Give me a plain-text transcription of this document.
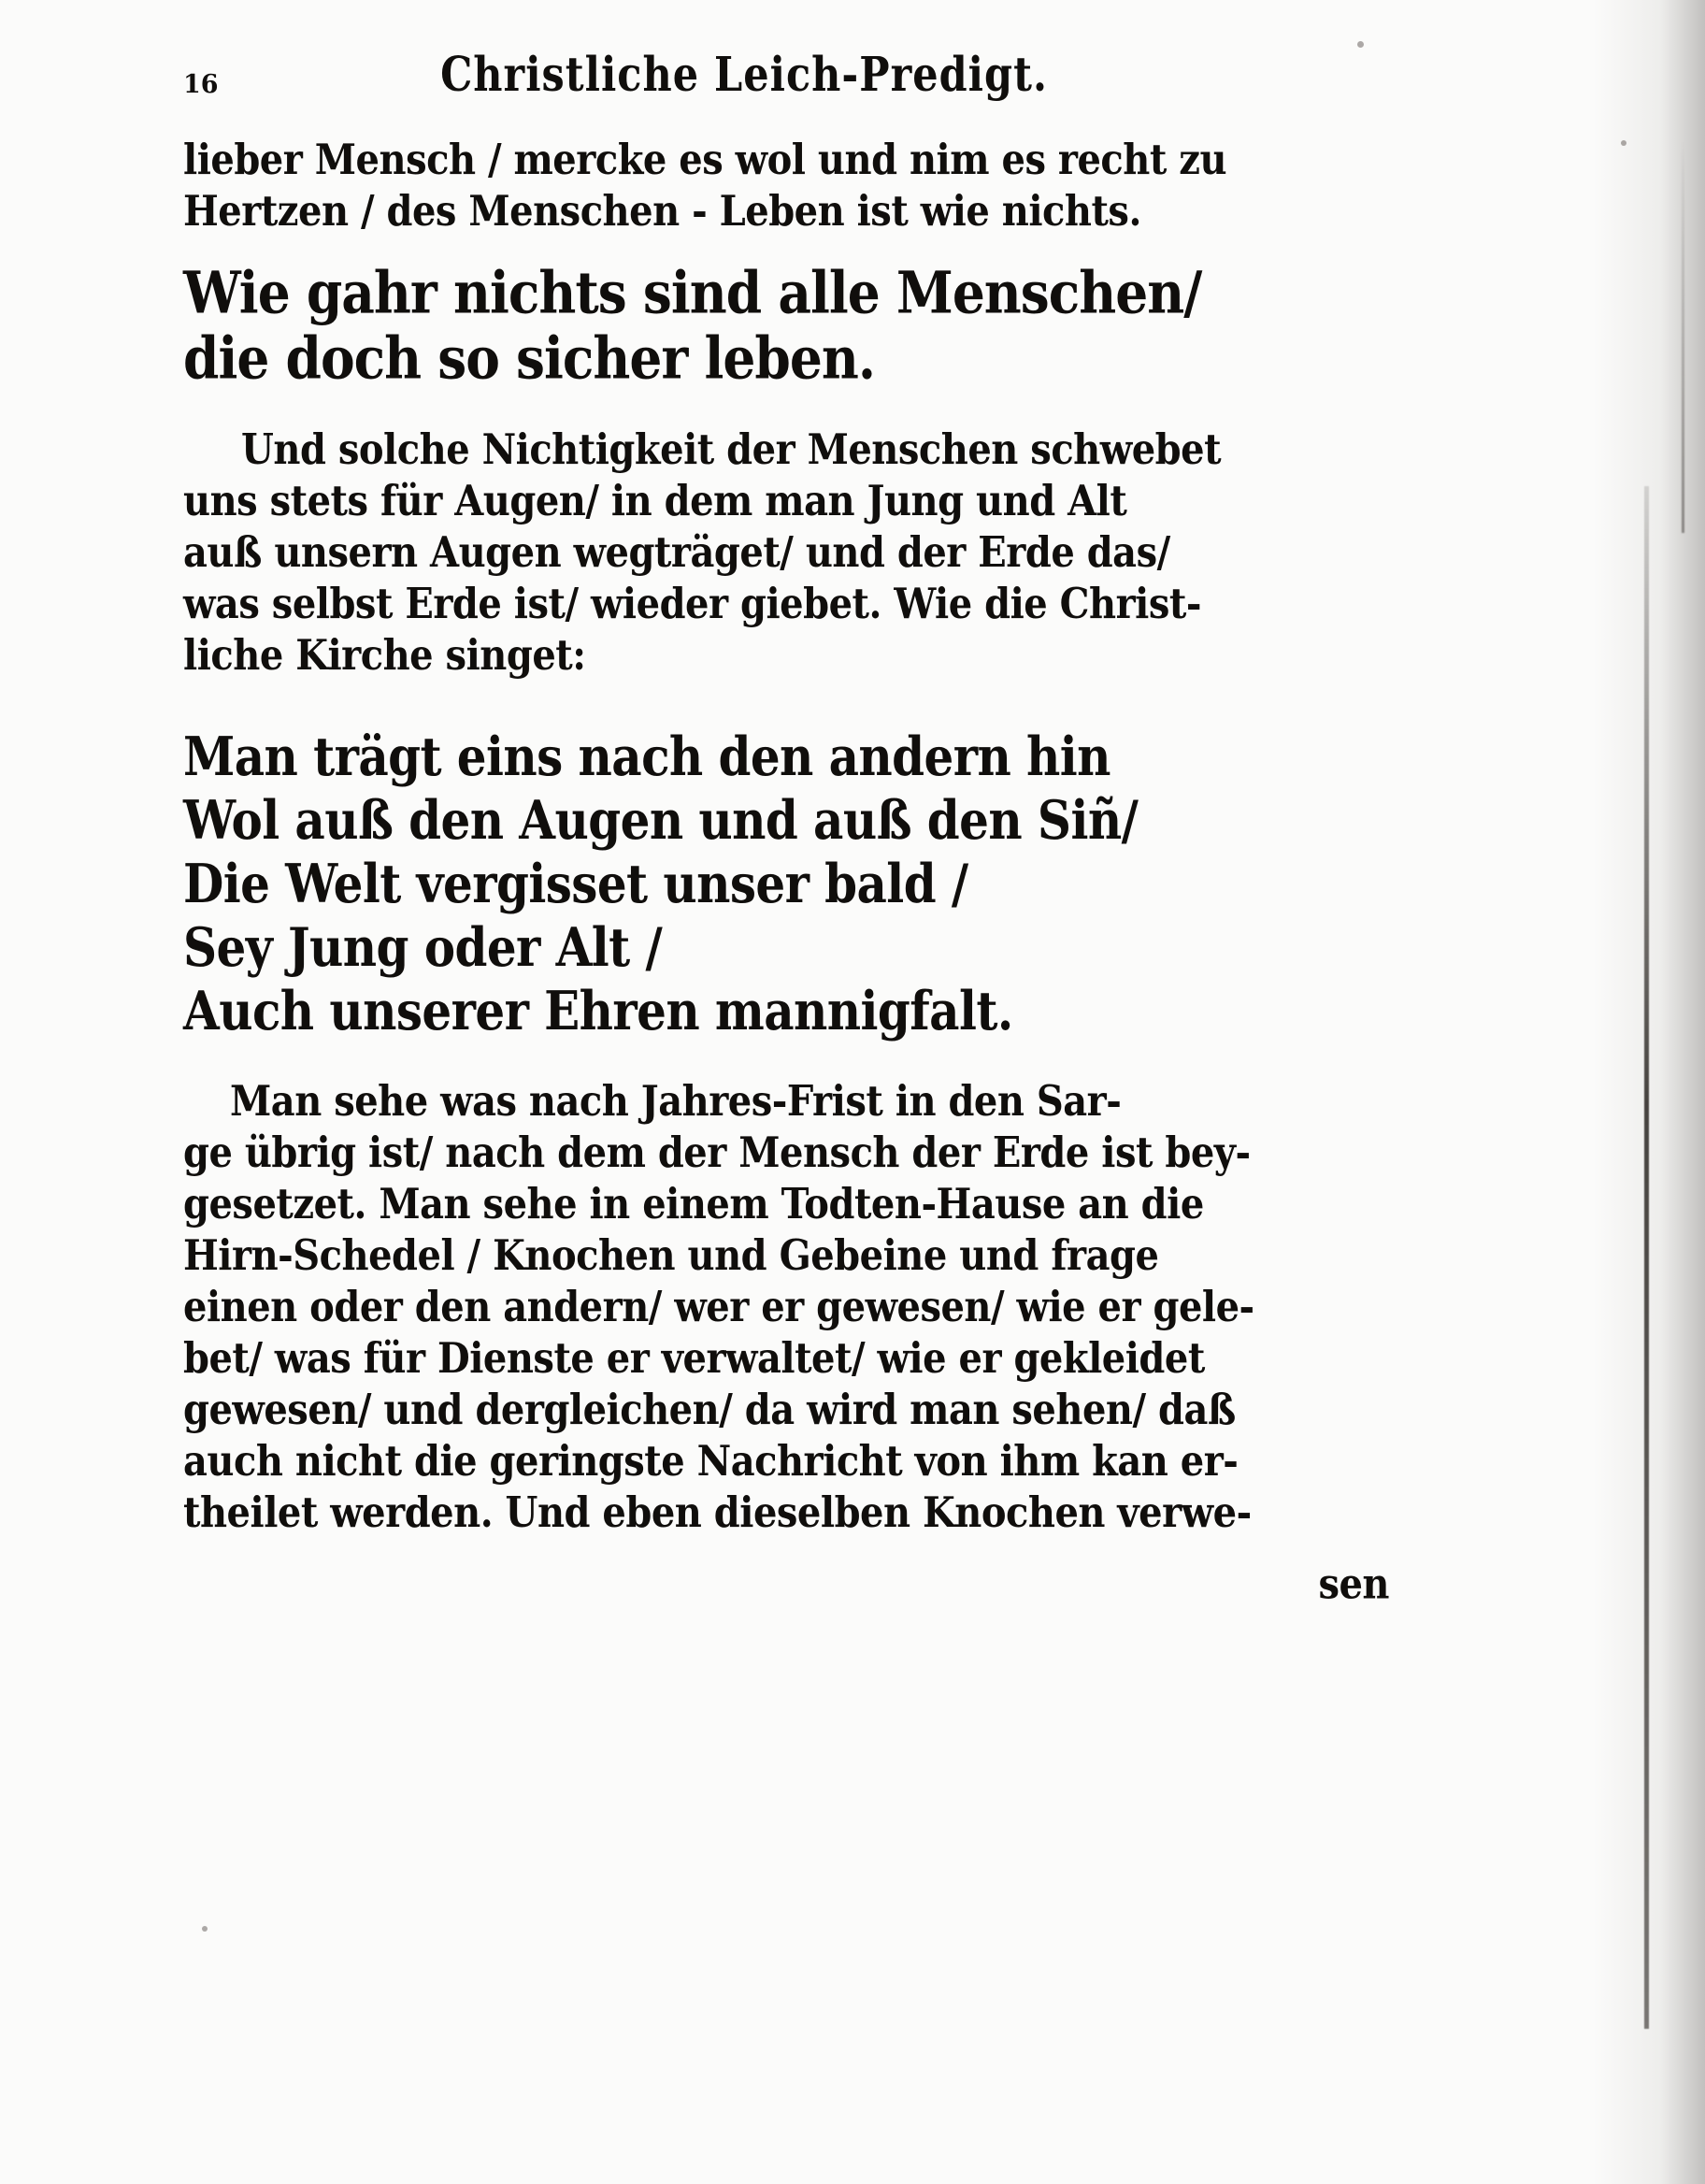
16	Christliche Leich-Predigt.
lieber Mensch / mercke es wol und nim es recht zu
Hertzen / des Menschen - Leben ist wie nichts.
Wie gahr nichts sind alle Menschen/
die doch so sicher leben.
Und solche Nichtigkeit der Menschen schwebet
uns stets für Augen/ in dem man Jung und Alt
auß unsern Augen wegträget/ und der Erde das/
was selbst Erde ist/ wieder giebet. Wie die Christ-
liche Kirche singet:
Man trägt eins nach den andern hin
Wol auß den Augen und auß den Siñ/
Die Welt vergisset unser bald /
Sey Jung oder Alt /
Auch unserer Ehren mannigfalt.
Man sehe was nach Jahres-Frist in den Sar-
ge übrig ist/ nach dem der Mensch der Erde ist bey-
gesetzet. Man sehe in einem Todten-Hause an die
Hirn-Schedel / Knochen und Gebeine und frage
einen oder den andern/ wer er gewesen/ wie er gele-
bet/ was für Dienste er verwaltet/ wie er gekleidet
gewesen/ und dergleichen/ da wird man sehen/ daß
auch nicht die geringste Nachricht von ihm kan er-
theilet werden. Und eben dieselben Knochen verwe-
sen
